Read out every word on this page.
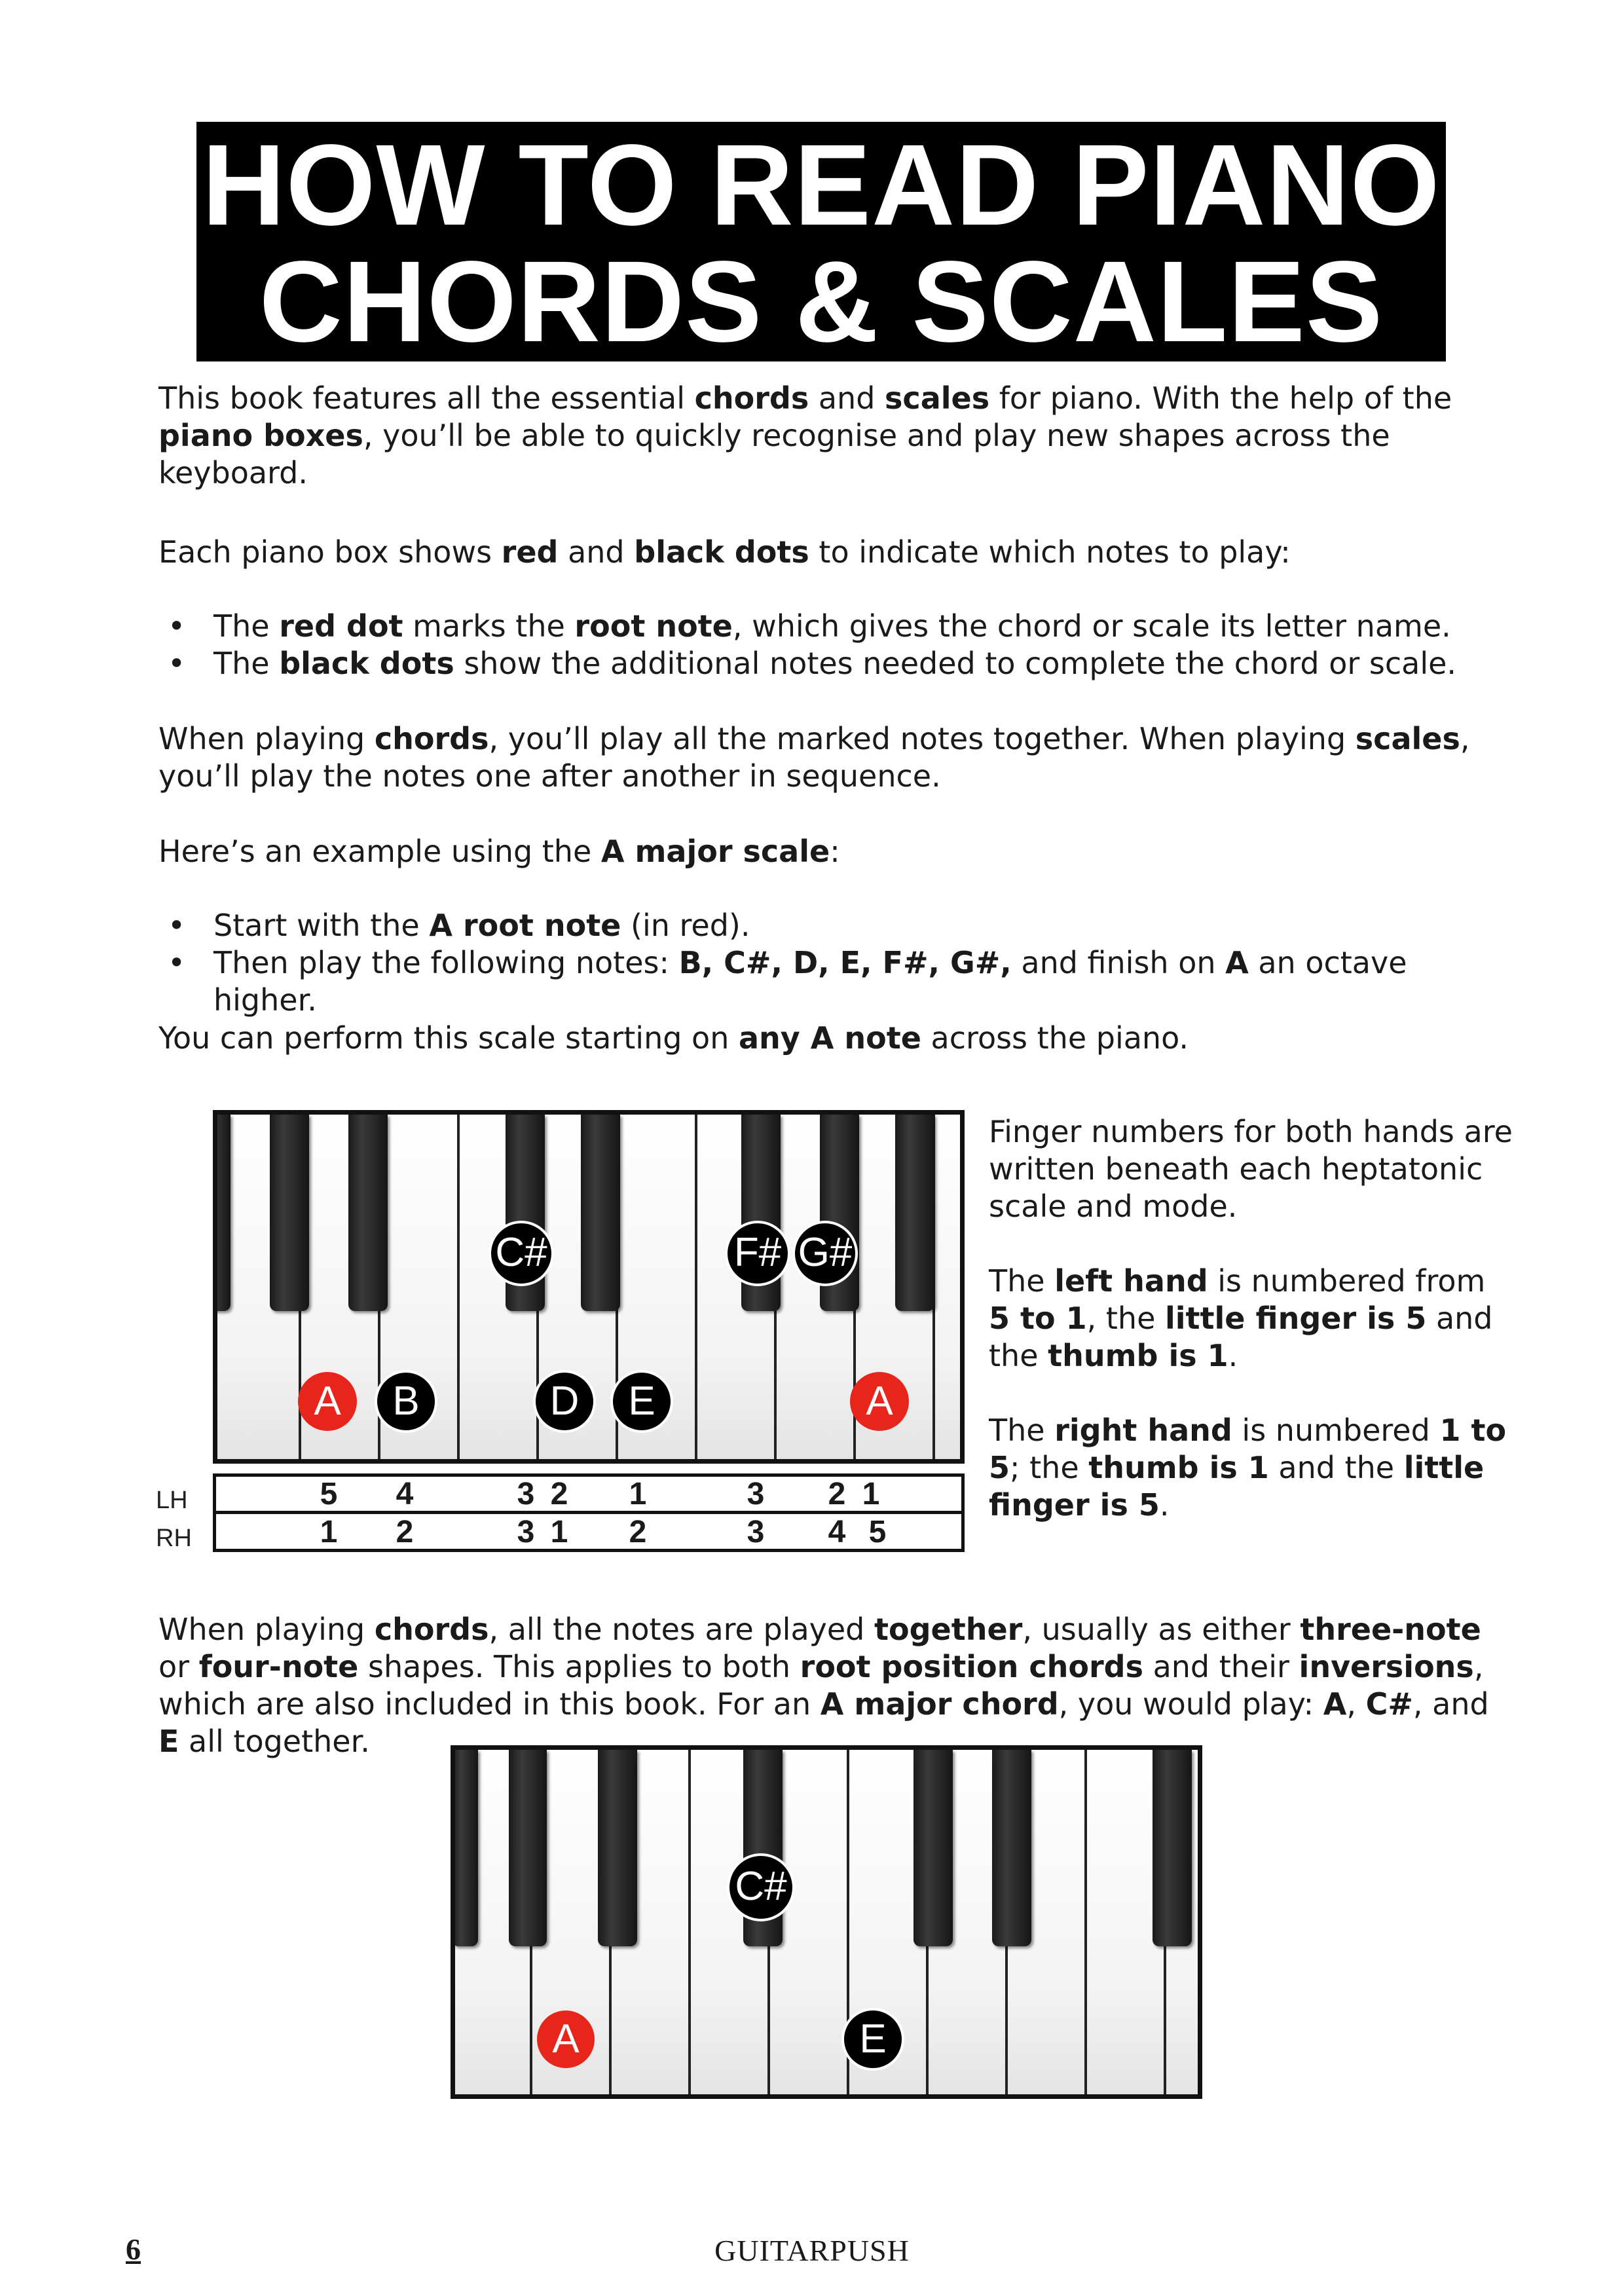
HOW TO READ PIANO
CHORDS & SCALES

This book features all the essential chords and scales for piano. With the help of the piano boxes, you’ll be able to quickly recognise and play new shapes across the keyboard.

Each piano box shows red and black dots to indicate which notes to play:

• The red dot marks the root note, which gives the chord or scale its letter name.
• The black dots show the additional notes needed to complete the chord or scale.

When playing chords, you’ll play all the marked notes together. When playing scales, you’ll play the notes one after another in sequence.

Here’s an example using the A major scale:

• Start with the A root note (in red).
• Then play the following notes: B, C#, D, E, F#, G#, and finish on A an octave higher.

You can perform this scale starting on any A note across the piano.

C#	F# G#
A	B	D	E	A
LH
RH
5	4	3 2	1	3	2 1
1	2	3 1	2	3	4 5

Finger numbers for both hands are written beneath each heptatonic scale and mode.

The left hand is numbered from 5 to 1, the little finger is 5 and the thumb is 1.

The right hand is numbered 1 to 5; the thumb is 1 and the little finger is 5.

When playing chords, all the notes are played together, usually as either three-note or four-note shapes. This applies to both root position chords and their inversions, which are also included in this book. For an A major chord, you would play: A, C#, and E all together.

C#
A	E
6	GUITARPUSH
